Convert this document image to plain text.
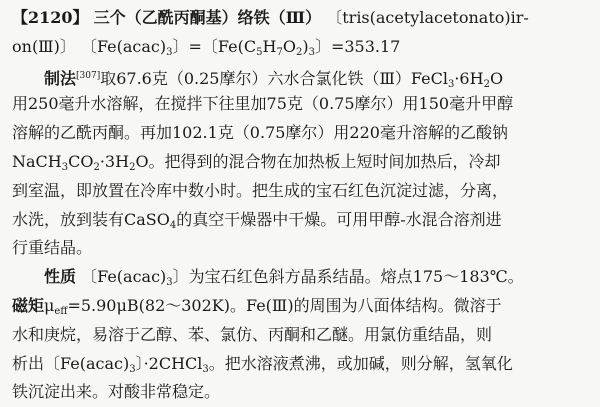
【2120】 三个（乙酰丙酮基）络铁（Ⅲ） 〔tris(acetylacetonato)ir-
on(Ⅲ)〕 〔$Fe(acac)_3$〕=〔$Fe(C_5H_7O_2)_3$〕=353.17
制法[307]取67.6克（0.25摩尔）六水合氯化铁$(Ⅲ)FeCl_3\cdot 6H_2O$
用250毫升水溶解，在搅拌下往里加75克（0.75摩尔）用150毫升甲醇
溶解的乙酰丙酮。再加102.1克（0.75摩尔）用220毫升溶解的乙酸钠
$NaCH_3CO_2\cdot 3H_2O$。把得到的混合物在加热板上短时间加热后，冷却
到室温，即放置在冷库中数小时。把生成的宝石红色沉淀过滤，分离，
水洗，放到装有CaSO$_4$的真空干燥器中干燥。可用甲醇-水混合溶剂进
行重结晶。
性质 〔$Fe(acac)_3$〕为宝石红色斜方晶系结晶。熔点175～183℃。
磁矩$\mu_{eff}=5.90\mu B(82\sim 302K)$。Fe(Ⅲ)的周围为八面体结构。微溶于
水和庚烷，易溶于乙醇、苯、氯仿、丙酮和乙醚。用氯仿重结晶，则
析出〔$Fe(acac)_3$〕·2CHCl$_3$。把水溶液煮沸，或加碱，则分解，氢氧化
铁沉淀出来。对酸非常稳定。
